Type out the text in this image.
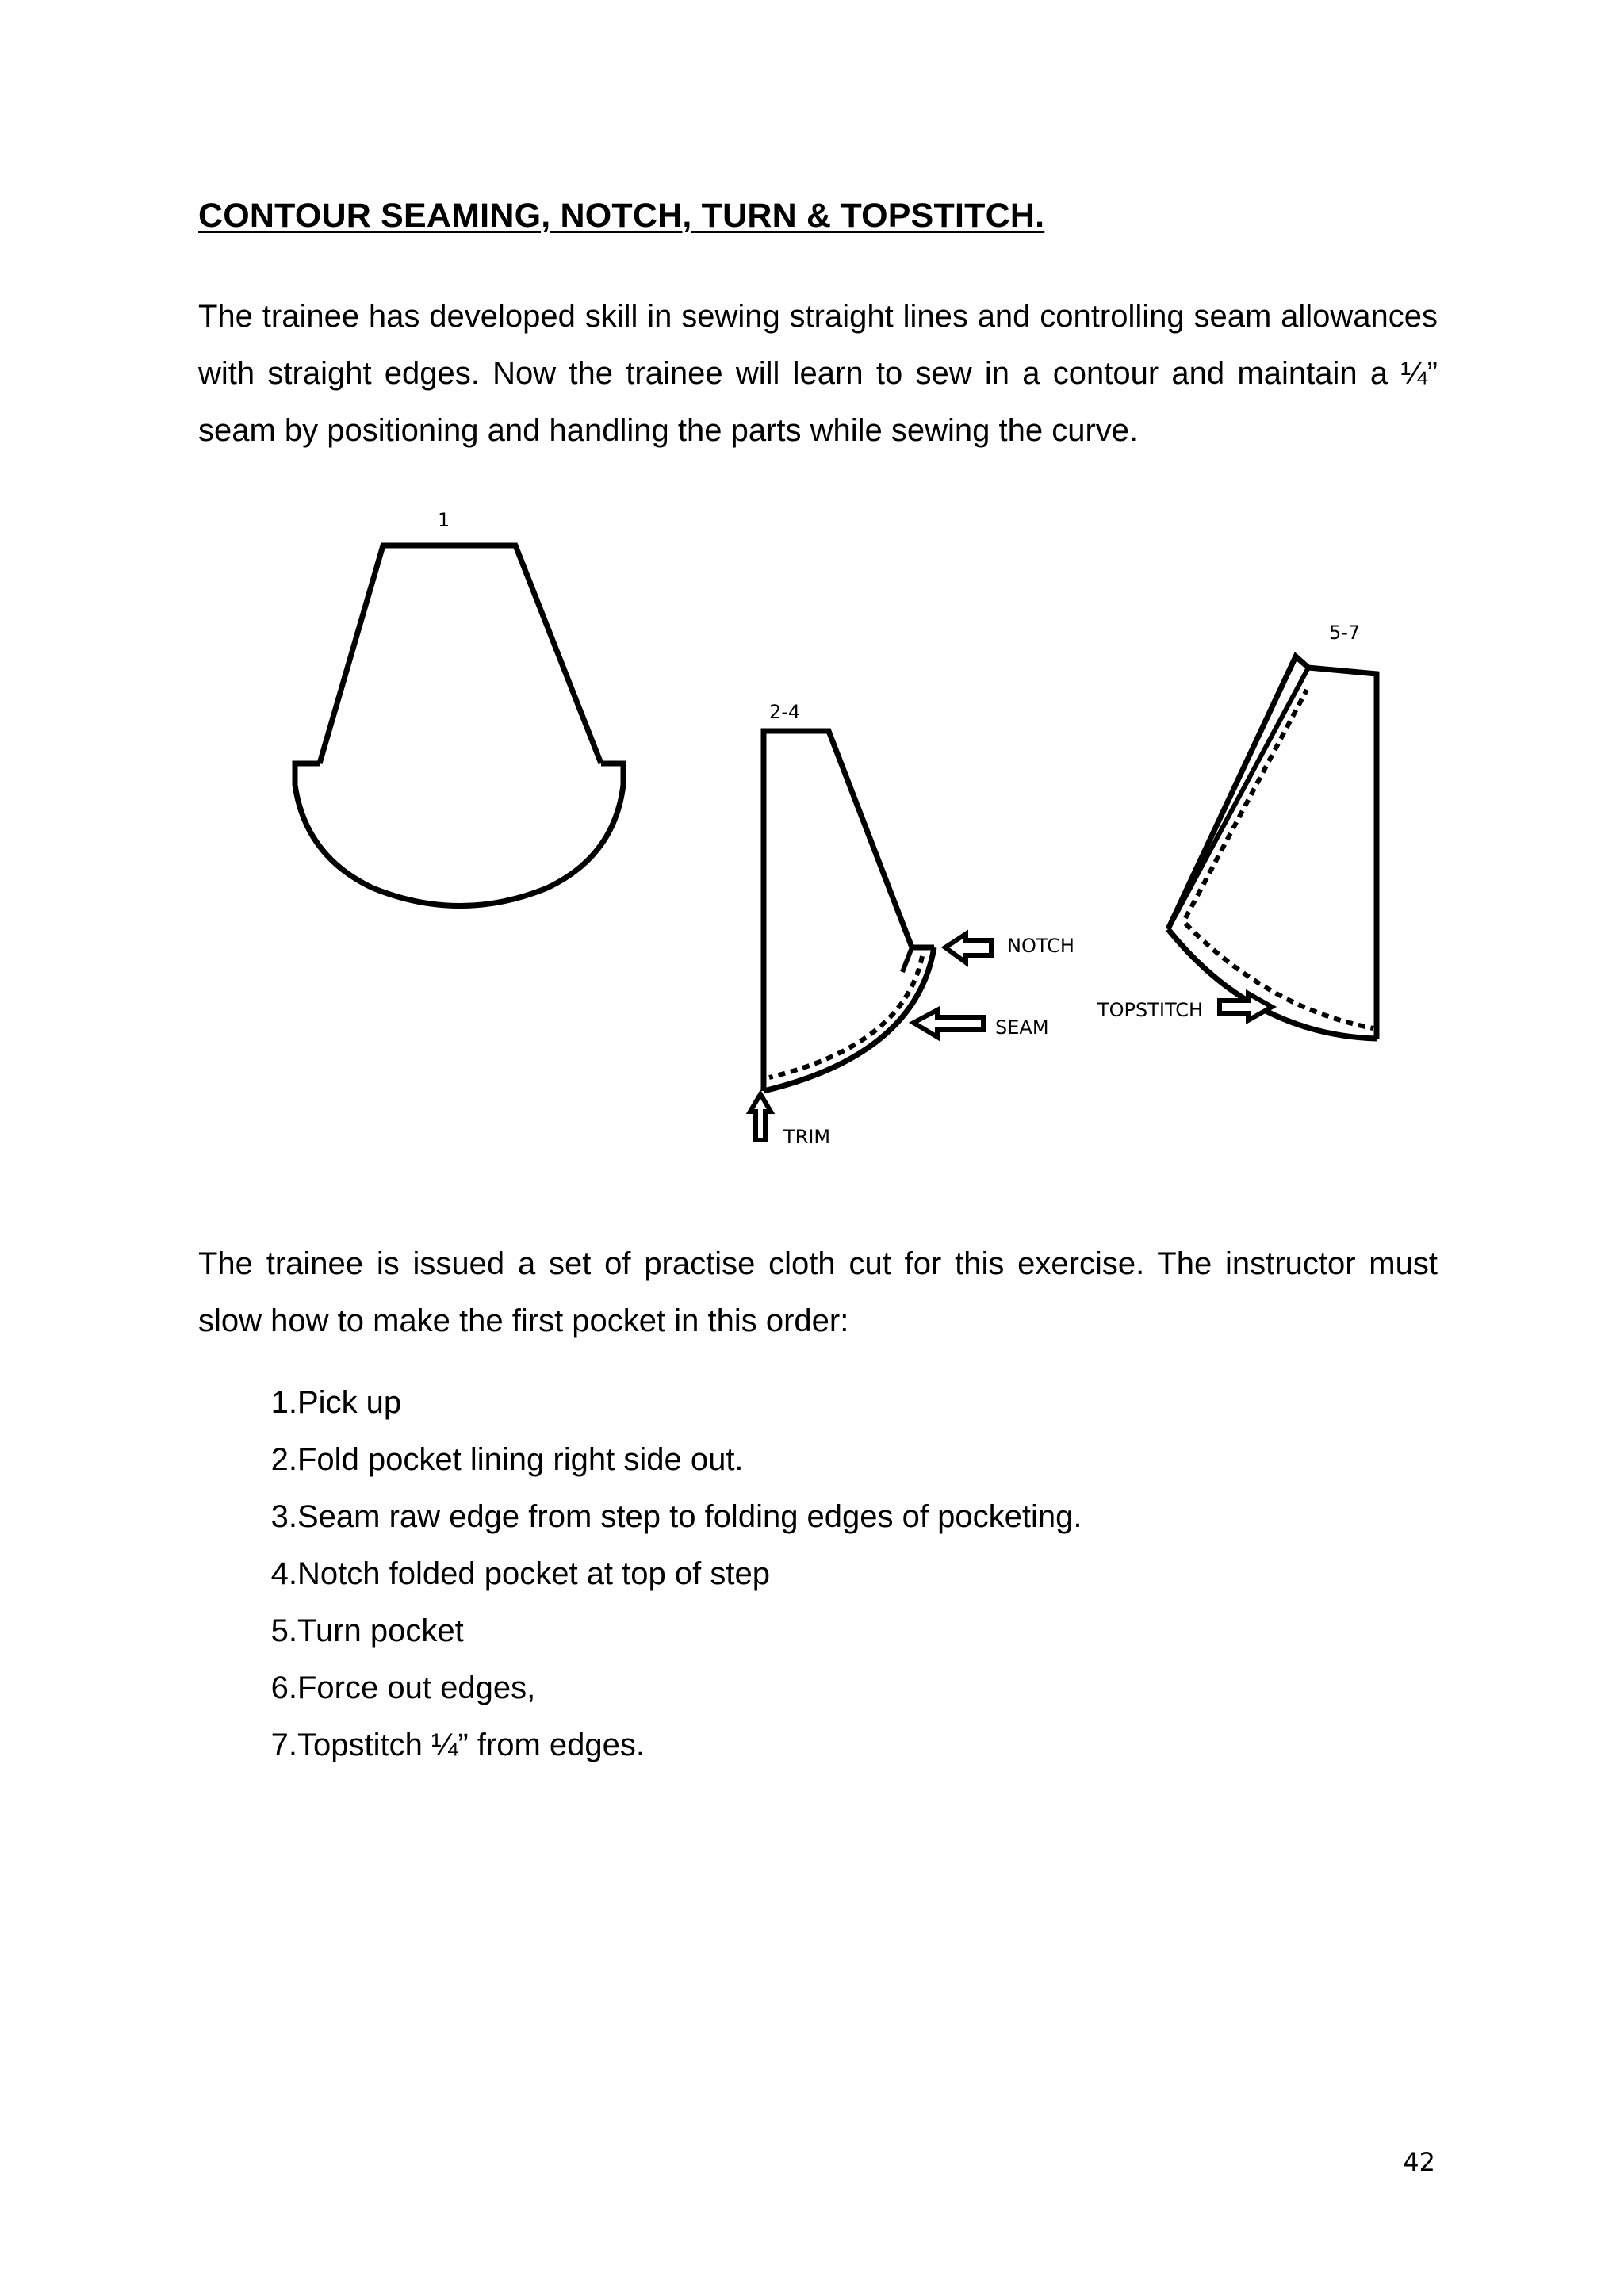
CONTOUR SEAMING, NOTCH, TURN & TOPSTITCH.

The trainee has developed skill in sewing straight lines and controlling seam allowances with straight edges. Now the trainee will learn to sew in a contour and maintain a ¼” seam by positioning and handling the parts while sewing the curve.

1
2-4
NOTCH
SEAM
TRIM
5-7
TOPSTITCH

The trainee is issued a set of practise cloth cut for this exercise. The instructor must slow how to make the first pocket in this order:

1. Pick up
2. Fold pocket lining right side out.
3. Seam raw edge from step to folding edges of pocketing.
4. Notch folded pocket at top of step
5. Turn pocket
6. Force out edges,
7. Topstitch ¼” from edges.
42
